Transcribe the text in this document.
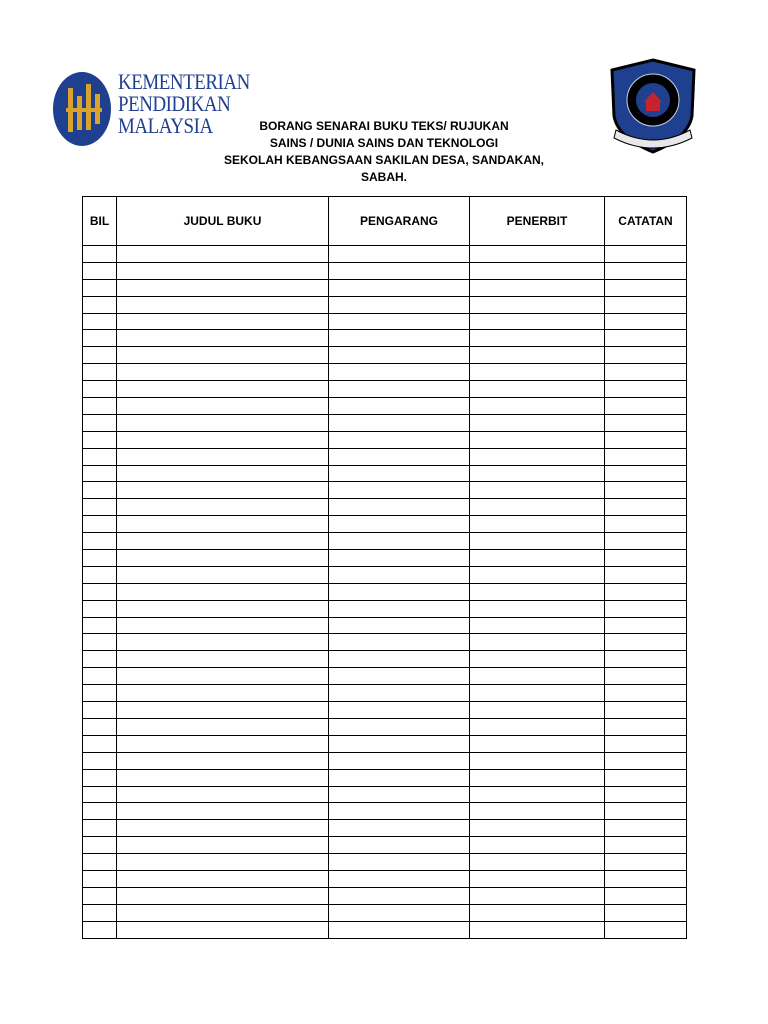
KEMENTERIAN
PENDIDIKAN
MALAYSIA	BORANG SENARAI BUKU TEKS/ RUJUKAN
SAINS / DUNIA SAINS DAN TEKNOLOGI
SEKOLAH KEBANGSAAN SAKILAN DESA, SANDAKAN,
SABAH.
BIL	JUDUL BUKU	PENGARANG	PENERBIT	CATATAN
